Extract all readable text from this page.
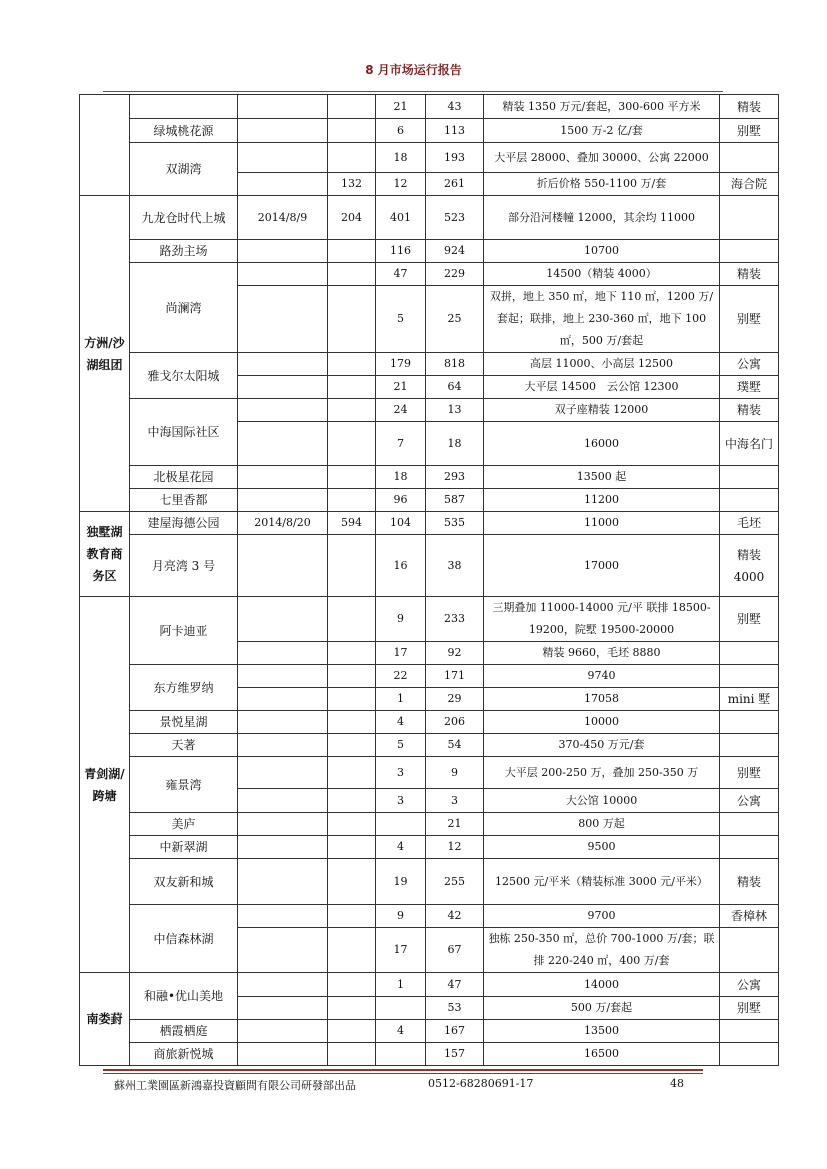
8 月市场运行报告
				21	43	精装 1350 万元/套起，300-600 平方米	精装
	绿城桃花源			6	113	1500 万-2 亿/套	别墅
	双湖湾			18	193	大平层 28000、叠加 30000、公寓 22000	
			132	12	261	折后价格 550-1100 万/套	海合院
方洲/沙湖组团	九龙仓时代上城	2014/8/9	204	401	523	部分沿河楼幢 12000，其余均 11000	
	路劲主场			116	924	10700	
	尚澜湾			47	229	14500（精装 4000）	精装
				5	25	双拼，地上 350 ㎡，地下 110 ㎡，1200 万/套起；联排，地上 230-360 ㎡，地下 100 ㎡，500 万/套起	别墅
	雅戈尔太阳城			179	818	高层 11000、小高层 12500	公寓
				21	64	大平层 14500　云公馆 12300	璞墅
	中海国际社区			24	13	双子座精装 12000	精装
				7	18	16000	中海名门
	北极星花园			18	293	13500 起	
	七里香都			96	587	11200	
独墅湖教育商务区	建屋海德公园	2014/8/20	594	104	535	11000	毛坯
	月亮湾 3 号			16	38	17000	精装 4000
青剑湖/跨塘	阿卡迪亚			9	233	三期叠加 11000-14000 元/平 联排 18500-19200，院墅 19500-20000	别墅
				17	92	精装 9660，毛坯 8880	
	东方维罗纳			22	171	9740	
				1	29	17058	mini 墅
	景悦星湖			4	206	10000	
	天著			5	54	370-450 万元/套	
	雍景湾			3	9	大平层 200-250 万，叠加 250-350 万	别墅
				3	3	大公馆 10000	公寓
	美庐				21	800 万起	
	中新翠湖			4	12	9500	
	双友新和城			19	255	12500 元/平米（精装标准 3000 元/平米）	精装
	中信森林湖			9	42	9700	香樟林
				17	67	独栋 250-350 ㎡，总价 700-1000 万/套；联排 220-240 ㎡，400 万/套	
南娄葑	和融•优山美地			1	47	14000	公寓
					53	500 万/套起	别墅
	栖霞栖庭			4	167	13500	
	商旅新悦城				157	16500	
蘇州工業園區新鴻嘉投資顧問有限公司研發部出品	0512-68280691-17	48
